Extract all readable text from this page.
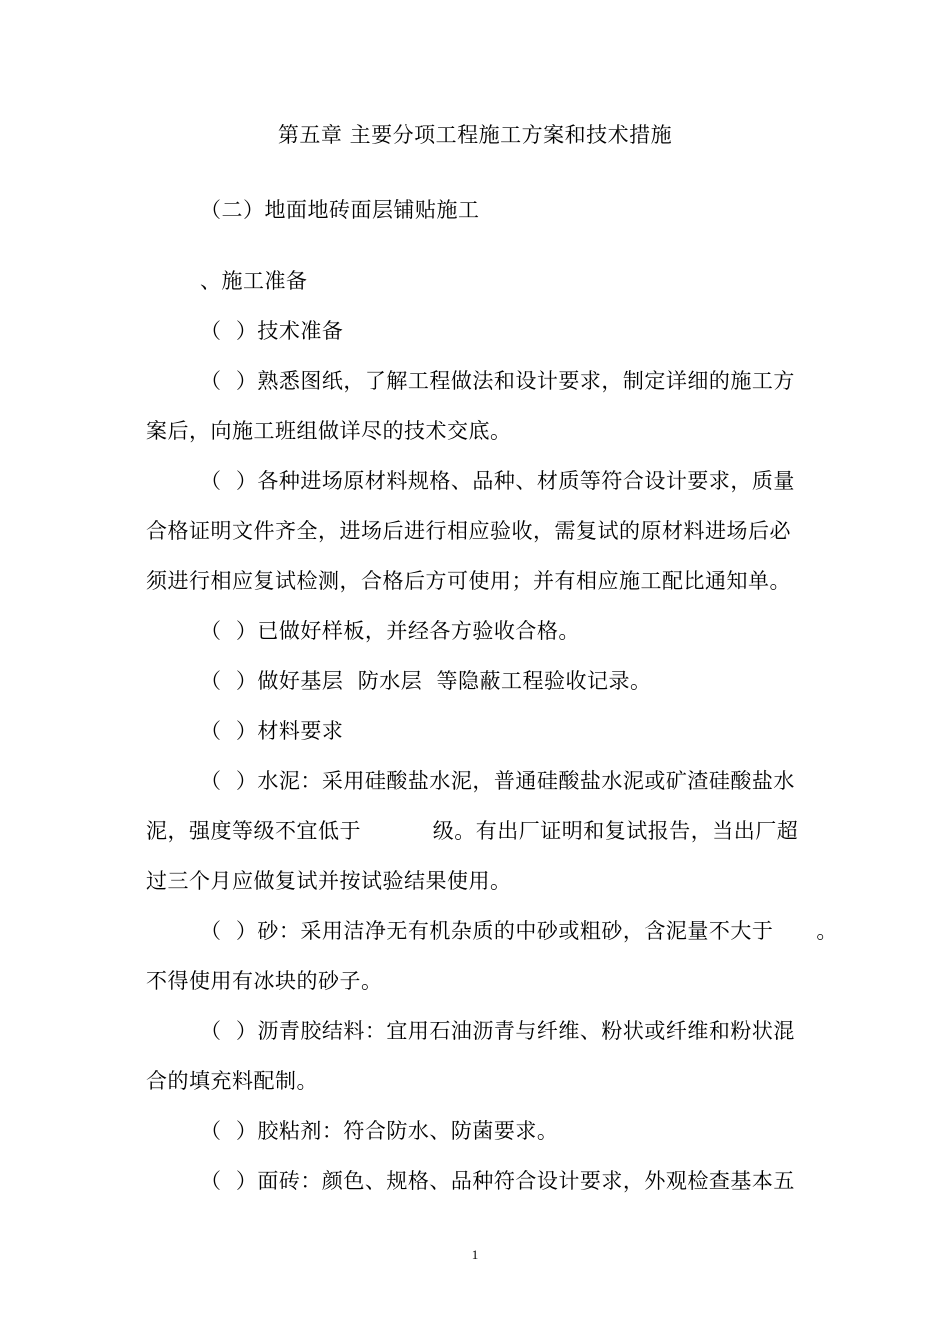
第五章 主要分项工程施工方案和技术措施
（二）地面地砖面层铺贴施工
、施工准备
（  ）技术准备
（  ）熟悉图纸，了解工程做法和设计要求，制定详细的施工方
案后，向施工班组做详尽的技术交底。
（  ）各种进场原材料规格、品种、材质等符合设计要求，质量
合格证明文件齐全，进场后进行相应验收，需复试的原材料进场后必
须进行相应复试检测，合格后方可使用；并有相应施工配比通知单。
（  ）已做好样板，并经各方验收合格。
（  ）做好基层  防水层  等隐蔽工程验收记录。
（  ）材料要求
（  ）水泥：采用硅酸盐水泥，普通硅酸盐水泥或矿渣硅酸盐水
泥，强度等级不宜低于          级。有出厂证明和复试报告，当出厂超
过三个月应做复试并按试验结果使用。
（  ）砂：采用洁净无有机杂质的中砂或粗砂，含泥量不大于      。
不得使用有冰块的砂子。
（  ）沥青胶结料：宜用石油沥青与纤维、粉状或纤维和粉状混
合的填充料配制。
（  ）胶粘剂：符合防水、防菌要求。
（  ）面砖：颜色、规格、品种符合设计要求，外观检查基本五
1
